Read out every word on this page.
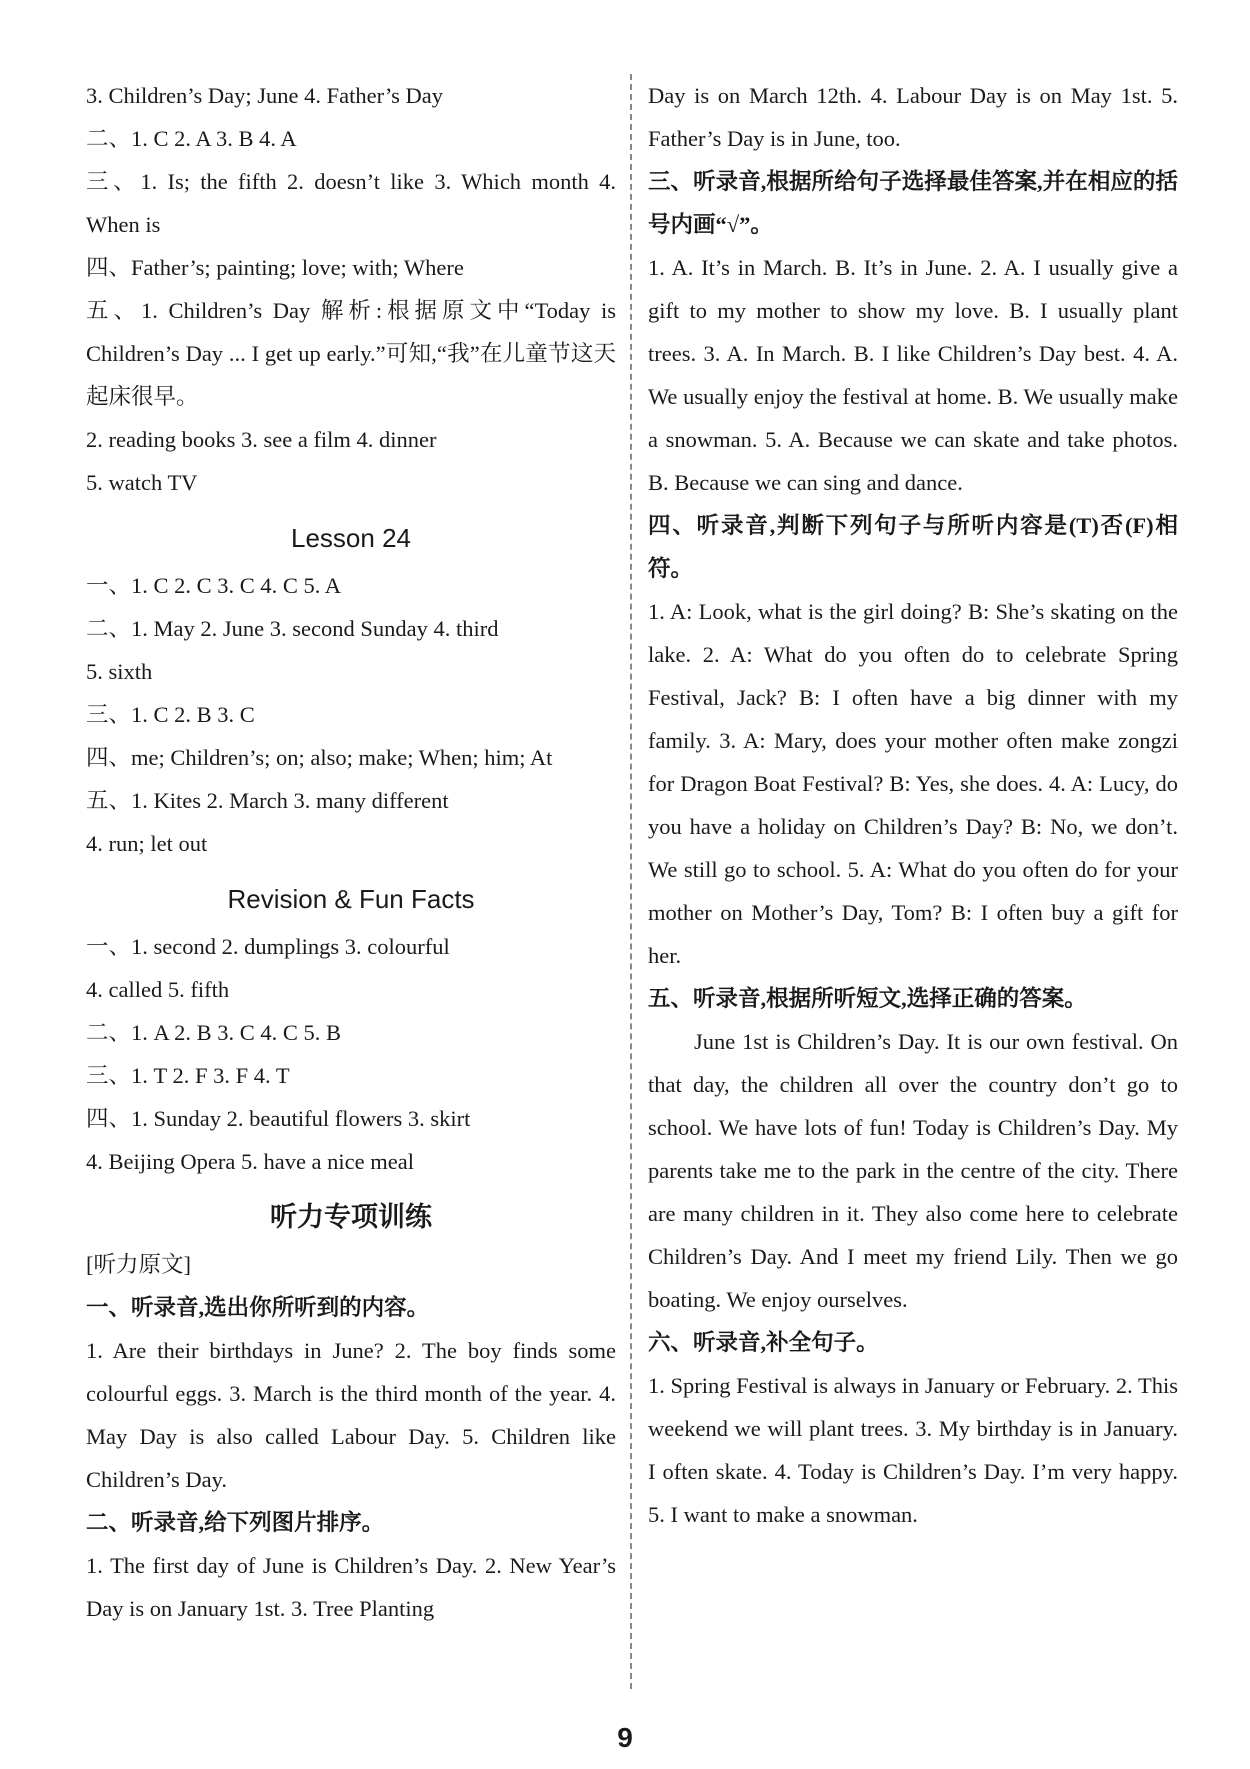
3. Children’s Day; June 4. Father’s Day

二、1. C 2. A 3. B 4. A

三、1. Is; the fifth 2. doesn’t like 3. Which month 4. When is

四、Father’s; painting; love; with; Where

五、1. Children’s Day 解析:根据原文中“Today is Children’s Day ... I get up early.”可知,“我”在儿童节这天起床很早。

2. reading books 3. see a film 4. dinner

5. watch TV

Lesson 24

一、1. C 2. C 3. C 4. C 5. A

二、1. May 2. June 3. second Sunday 4. third

5. sixth

三、1. C 2. B 3. C

四、me; Children’s; on; also; make; When; him; At

五、1. Kites 2. March 3. many different

4. run; let out

Revision & Fun Facts

一、1. second 2. dumplings 3. colourful

4. called 5. fifth

二、1. A 2. B 3. C 4. C 5. B

三、1. T 2. F 3. F 4. T

四、1. Sunday 2. beautiful flowers 3. skirt

4. Beijing Opera 5. have a nice meal

听力专项训练

[听力原文]

一、听录音,选出你所听到的内容。

1. Are their birthdays in June? 2. The boy finds some colourful eggs. 3. March is the third month of the year. 4. May Day is also called Labour Day. 5. Children like Children’s Day.

二、听录音,给下列图片排序。

1. The first day of June is Children’s Day. 2. New Year’s Day is on January 1st. 3. Tree Planting

Day is on March 12th. 4. Labour Day is on May 1st. 5. Father’s Day is in June, too.

三、听录音,根据所给句子选择最佳答案,并在相应的括号内画“√”。

1. A. It’s in March. B. It’s in June. 2. A. I usually give a gift to my mother to show my love. B. I usually plant trees. 3. A. In March. B. I like Children’s Day best. 4. A. We usually enjoy the festival at home. B. We usually make a snowman. 5. A. Because we can skate and take photos. B. Because we can sing and dance.

四、听录音,判断下列句子与所听内容是(T)否(F)相符。

1. A: Look, what is the girl doing? B: She’s skating on the lake. 2. A: What do you often do to celebrate Spring Festival, Jack? B: I often have a big dinner with my family. 3. A: Mary, does your mother often make zongzi for Dragon Boat Festival? B: Yes, she does. 4. A: Lucy, do you have a holiday on Children’s Day? B: No, we don’t. We still go to school. 5. A: What do you often do for your mother on Mother’s Day, Tom? B: I often buy a gift for her.

五、听录音,根据所听短文,选择正确的答案。

June 1st is Children’s Day. It is our own festival. On that day, the children all over the country don’t go to school. We have lots of fun! Today is Children’s Day. My parents take me to the park in the centre of the city. There are many children in it. They also come here to celebrate Children’s Day. And I meet my friend Lily. Then we go boating. We enjoy ourselves.

六、听录音,补全句子。

1. Spring Festival is always in January or February. 2. This weekend we will plant trees. 3. My birthday is in January. I often skate. 4. Today is Children’s Day. I’m very happy. 5. I want to make a snowman.

9
